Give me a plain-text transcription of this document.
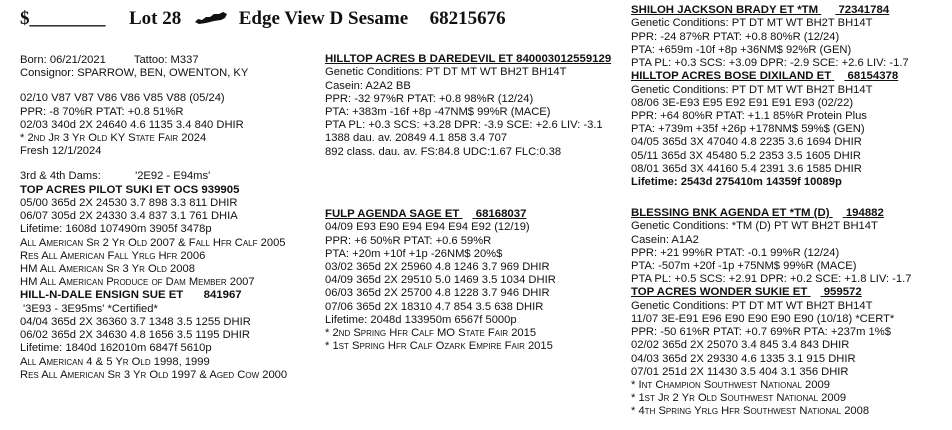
$________ Lot 28	Edge View D Sesame 68215676
Born: 06/21/2021	Tattoo: M337
Consignor: SPARROW, BEN, OWENTON, KY
02/10 V87 V87 V86 V86 V85 V88 (05/24)
PPR: -8 70%R PTAT: +0.8 51%R
02/03 340d 2X 24640 4.6 1135 3.4 840 DHIR
* 2nd Jr 3 Yr Old KY State Fair 2024
Fresh 12/1/2024
3rd & 4th Dams:	'2E92 - E94ms'
TOP ACRES PILOT SUKI ET OCS 939905
05/00 365d 2X 24530 3.7 898 3.3 811 DHIR
06/07 305d 2X 24330 3.4 837 3.1 761 DHIA
Lifetime: 1608d 107490m 3905f 3478p
All American Sr 2 Yr Old 2007 & Fall Hfr Calf 2005
Res All American Fall Yrlg Hfr 2006
HM All American Sr 3 Yr Old 2008
HM All American Produce of Dam Member 2007
HILL-N-DALE ENSIGN SUE ET 841967
'3E93 - 3E95ms' *Certified*
04/04 365d 2X 36360 3.7 1348 3.5 1255 DHIR
06/02 365d 2X 34630 4.8 1656 3.5 1195 DHIR
Lifetime: 1840d 162010m 6847f 5610p
All American 4 & 5 Yr Old 1998, 1999
Res All American Sr 3 Yr Old 1997 & Aged Cow 2000
HILLTOP ACRES B DAREDEVIL ET 840003012559129
Genetic Conditions: PT DT MT WT BH2T BH14T
Casein: A2A2 BB
PPR: -32 97%R PTAT: +0.8 98%R (12/24)
PTA: +383m -16f +8p -47NM$ 99%R (MACE)
PTA PL: +0.3 SCS: +3.28 DPR: -3.9 SCE: +2.6 LIV: -3.1
1388 dau. av. 20849 4.1 858 3.4 707
892 class. dau. av. FS:84.8 UDC:1.67 FLC:0.38
FULP AGENDA SAGE ET 68168037
04/09 E93 E90 E94 E94 E94 E92 (12/19)
PPR: +6 50%R PTAT: +0.6 59%R
PTA: +20m +10f +1p -26NM$ 20%$
03/02 365d 2X 25960 4.8 1246 3.7 969 DHIR
04/09 365d 2X 29510 5.0 1469 3.5 1034 DHIR
06/03 365d 2X 25700 4.8 1228 3.7 946 DHIR
07/06 365d 2X 18310 4.7 854 3.5 638 DHIR
Lifetime: 2048d 133950m 6567f 5000p
* 2nd Spring Hfr Calf MO State Fair 2015
* 1st Spring Hfr Calf Ozark Empire Fair 2015
SHILOH JACKSON BRADY ET *TM 72341784
Genetic Conditions: PT DT MT WT BH2T BH14T
PPR: -24 87%R PTAT: +0.8 80%R (12/24)
PTA: +659m -10f +8p +36NM$ 92%R (GEN)
PTA PL: +0.3 SCS: +3.09 DPR: -2.9 SCE: +2.6 LIV: -1.7
HILLTOP ACRES BOSE DIXILAND ET 68154378
Genetic Conditions: PT DT MT WT BH2T BH14T
08/06 3E-E93 E95 E92 E91 E91 E93 (02/22)
PPR: +64 80%R PTAT: +1.1 85%R Protein Plus
PTA: +739m +35f +26p +178NM$ 59%$ (GEN)
04/05 365d 3X 47040 4.8 2235 3.6 1694 DHIR
05/11 365d 3X 45480 5.2 2353 3.5 1605 DHIR
08/01 365d 3X 44160 5.4 2391 3.6 1585 DHIR
Lifetime: 2543d 275410m 14359f 10089p
BLESSING BNK AGENDA ET *TM (D) 194882
Genetic Conditions: *TM (D) PT WT BH2T BH14T
Casein: A1A2
PPR: +21 99%R PTAT: -0.1 99%R (12/24)
PTA: -507m +20f -1p +75NM$ 99%R (MACE)
PTA PL: +0.5 SCS: +2.91 DPR: +0.2 SCE: +1.8 LIV: -1.7
TOP ACRES WONDER SUKIE ET 959572
Genetic Conditions: PT DT MT WT BH2T BH14T
11/07 3E-E91 E96 E90 E90 E90 E90 (10/18) *CERT*
PPR: -50 61%R PTAT: +0.7 69%R PTA: +237m 1%$
02/02 365d 2X 25070 3.4 845 3.4 843 DHIR
04/03 365d 2X 29330 4.6 1335 3.1 915 DHIR
07/01 251d 2X 11430 3.5 404 3.1 356 DHIR
* Int Champion Southwest National 2009
* 1st Jr 2 Yr Old Southwest National 2009
* 4th Spring Yrlg Hfr Southwest National 2008
